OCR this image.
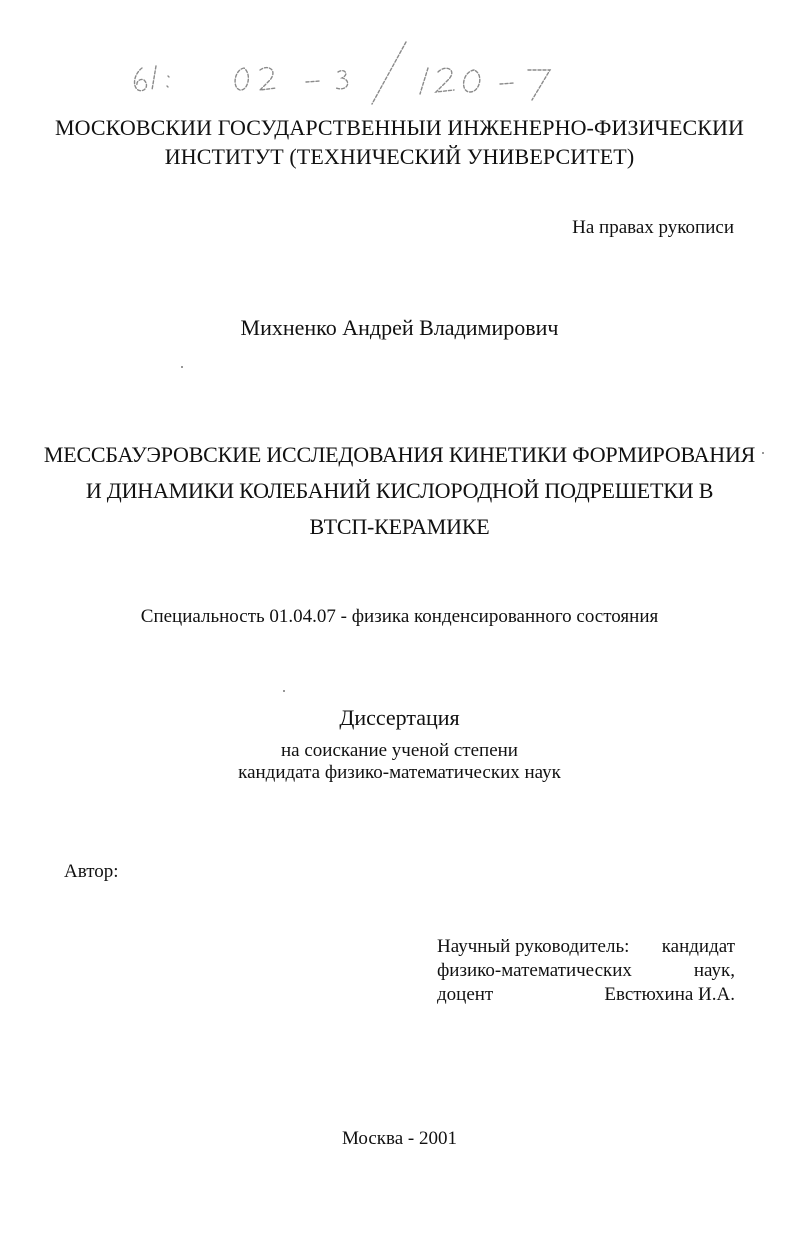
МОСКОВСКИИ ГОСУДАРСТВЕННЫИ ИНЖЕНЕРНО-ФИЗИЧЕСКИИ
ИНСТИТУТ (ТЕХНИЧЕСКИЙ УНИВЕРСИТЕТ)
На правах рукописи
Михненко Андрей Владимирович
МЕССБАУЭРОВСКИЕ ИССЛЕДОВАНИЯ КИНЕТИКИ ФОРМИРОВАНИЯ
И ДИНАМИКИ КОЛЕБАНИЙ КИСЛОРОДНОЙ ПОДРЕШЕТКИ В
ВТСП-КЕРАМИКЕ
Специальность 01.04.07 - физика конденсированного состояния
Диссертация
на соискание ученой степени
кандидата физико-математических наук
Автор:
Научный руководитель: кандидат
физико-математических	наук,
доцент	Евстюхина И.А.
Москва - 2001
